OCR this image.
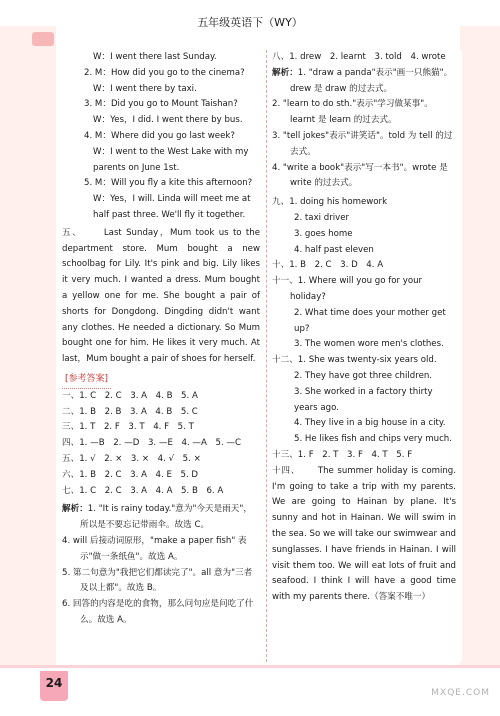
五年级英语下（WY）
W：I went there last Sunday.
2. M：How did you go to the cinema?
W：I went there by taxi.
3. M：Did you go to Mount Taishan?
W：Yes，I did. I went there by bus.
4. M：Where did you go last week?
W：I went to the West Lake with my
parents on June 1st.
5. M：Will you fly a kite this afternoon?
W：Yes，I will. Linda will meet me at
half past three. We'll fly it together.
五、	Last Sunday，Mum took us to the department store. Mum bought a new schoolbag for Lily. It's pink and big. Lily likes it very much. I wanted a dress. Mum bought a yellow one for me. She bought a pair of shorts for Dongdong. Dingding didn't want any clothes. He needed a dictionary. So Mum bought one for him. He likes it very much. At last，Mum bought a pair of shoes for herself.
[参考答案]
一、1. C　2. C　3. A　4. B　5. A
二、1. B　2. B　3. A　4. B　5. C
三、1. T　2. F　3. T　4. F　5. T
四、1. —B　2. —D　3. —E　4. —A　5. —C
五、1. √　2. ×　3. ×　4. √　5. ×
六、1. B　2. C　3. A　4. E　5. D
七、1. C　2. C　3. A　4. A　5. B　6. A
解析：1. "It is rainy today."意为"今天是雨天"，所以是不要忘记带雨伞。故选 C。
4. will 后接动词原形，"make a paper fish" 表示"做一条纸鱼"。故选 A。
5. 第二句意为"我把它们都读完了"。all 意为"三者及以上都"。故选 B。
6. 回答的内容是吃的食物，那么问句应是问吃了什么。故选 A。
八、1. drew　2. learnt　3. told　4. wrote
解析：1. "draw a panda"表示"画一只熊猫"。drew 是 draw 的过去式。
2. "learn to do sth."表示"学习做某事"。learnt 是 learn 的过去式。
3. "tell jokes"表示"讲笑话"。told 为 tell 的过去式。
4. "write a book"表示"写一本书"。wrote 是 write 的过去式。
九、1. doing his homework
2. taxi driver
3. goes home
4. half past eleven
十、1. B　2. C　3. D　4. A
十一、1. Where will you go for your holiday?
2. What time does your mother get up?
3. The women wore men's clothes.
十二、1. She was twenty-six years old.
2. They have got three children.
3. She worked in a factory thirty years ago.
4. They live in a big house in a city.
5. He likes fish and chips very much.
十三、1. F　2. T　3. F　4. T　5. F
十四、 The summer holiday is coming. I'm going to take a trip with my parents. We are going to Hainan by plane. It's sunny and hot in Hainan. We will swim in the sea. So we will take our swimwear and sunglasses. I have friends in Hainan. I will visit them too. We will eat lots of fruit and seafood. I think I will have a good time with my parents there.（答案不唯一）
24
MXQE.COM
